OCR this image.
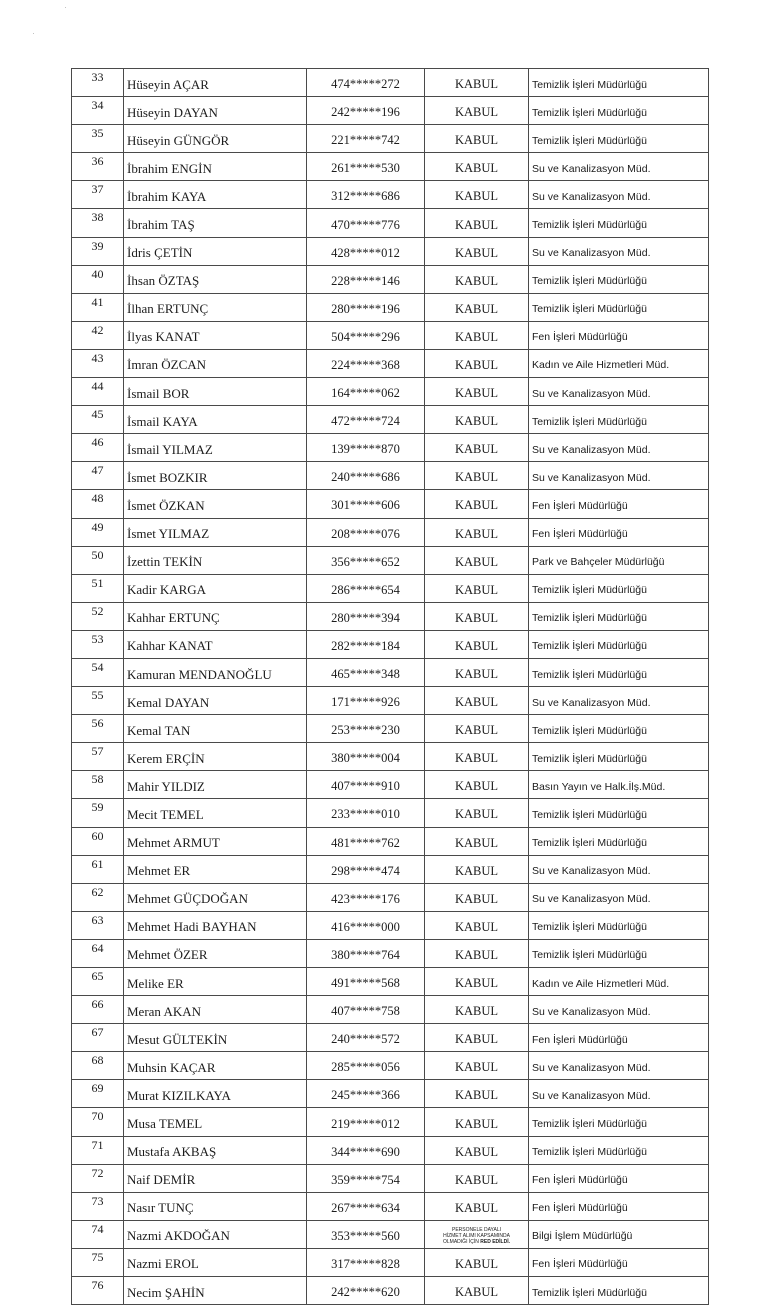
·
·
33	Hüseyin AÇAR	474*****272	KABUL	Temizlik İşleri Müdürlüğü
34	Hüseyin DAYAN	242*****196	KABUL	Temizlik İşleri Müdürlüğü
35	Hüseyin GÜNGÖR	221*****742	KABUL	Temizlik İşleri Müdürlüğü
36	İbrahim ENGİN	261*****530	KABUL	Su ve Kanalizasyon Müd.
37	İbrahim KAYA	312*****686	KABUL	Su ve Kanalizasyon Müd.
38	İbrahim TAŞ	470*****776	KABUL	Temizlik İşleri Müdürlüğü
39	İdris ÇETİN	428*****012	KABUL	Su ve Kanalizasyon Müd.
40	İhsan ÖZTAŞ	228*****146	KABUL	Temizlik İşleri Müdürlüğü
41	İlhan ERTUNÇ	280*****196	KABUL	Temizlik İşleri Müdürlüğü
42	İlyas KANAT	504*****296	KABUL	Fen İşleri Müdürlüğü
43	İmran ÖZCAN	224*****368	KABUL	Kadın ve Aile Hizmetleri Müd.
44	İsmail BOR	164*****062	KABUL	Su ve Kanalizasyon Müd.
45	İsmail KAYA	472*****724	KABUL	Temizlik İşleri Müdürlüğü
46	İsmail YILMAZ	139*****870	KABUL	Su ve Kanalizasyon Müd.
47	İsmet BOZKIR	240*****686	KABUL	Su ve Kanalizasyon Müd.
48	İsmet ÖZKAN	301*****606	KABUL	Fen İşleri Müdürlüğü
49	İsmet YILMAZ	208*****076	KABUL	Fen İşleri Müdürlüğü
50	İzettin TEKİN	356*****652	KABUL	Park ve Bahçeler Müdürlüğü
51	Kadir KARGA	286*****654	KABUL	Temizlik İşleri Müdürlüğü
52	Kahhar ERTUNÇ	280*****394	KABUL	Temizlik İşleri Müdürlüğü
53	Kahhar KANAT	282*****184	KABUL	Temizlik İşleri Müdürlüğü
54	Kamuran MENDANOĞLU	465*****348	KABUL	Temizlik İşleri Müdürlüğü
55	Kemal DAYAN	171*****926	KABUL	Su ve Kanalizasyon Müd.
56	Kemal TAN	253*****230	KABUL	Temizlik İşleri Müdürlüğü
57	Kerem ERÇİN	380*****004	KABUL	Temizlik İşleri Müdürlüğü
58	Mahir YILDIZ	407*****910	KABUL	Basın Yayın ve Halk.İlş.Müd.
59	Mecit TEMEL	233*****010	KABUL	Temizlik İşleri Müdürlüğü
60	Mehmet ARMUT	481*****762	KABUL	Temizlik İşleri Müdürlüğü
61	Mehmet ER	298*****474	KABUL	Su ve Kanalizasyon Müd.
62	Mehmet GÜÇDOĞAN	423*****176	KABUL	Su ve Kanalizasyon Müd.
63	Mehmet Hadi BAYHAN	416*****000	KABUL	Temizlik İşleri Müdürlüğü
64	Mehmet ÖZER	380*****764	KABUL	Temizlik İşleri Müdürlüğü
65	Melike ER	491*****568	KABUL	Kadın ve Aile Hizmetleri Müd.
66	Meran AKAN	407*****758	KABUL	Su ve Kanalizasyon Müd.
67	Mesut GÜLTEKİN	240*****572	KABUL	Fen İşleri Müdürlüğü
68	Muhsin KAÇAR	285*****056	KABUL	Su ve Kanalizasyon Müd.
69	Murat KIZILKAYA	245*****366	KABUL	Su ve Kanalizasyon Müd.
70	Musa TEMEL	219*****012	KABUL	Temizlik İşleri Müdürlüğü
71	Mustafa AKBAŞ	344*****690	KABUL	Temizlik İşleri Müdürlüğü
72	Naif DEMİR	359*****754	KABUL	Fen İşleri Müdürlüğü
73	Nasır TUNÇ	267*****634	KABUL	Fen İşleri Müdürlüğü
74	Nazmi AKDOĞAN	353*****560	PERSONELE DAYALI
HİZMET ALIMI KAPSAMINDA
OLMADIĞI İÇİN RED EDİLDİ.	Bilgi İşlem Müdürlüğü
75	Nazmi EROL	317*****828	KABUL	Fen İşleri Müdürlüğü
76	Necim ŞAHİN	242*****620	KABUL	Temizlik İşleri Müdürlüğü
